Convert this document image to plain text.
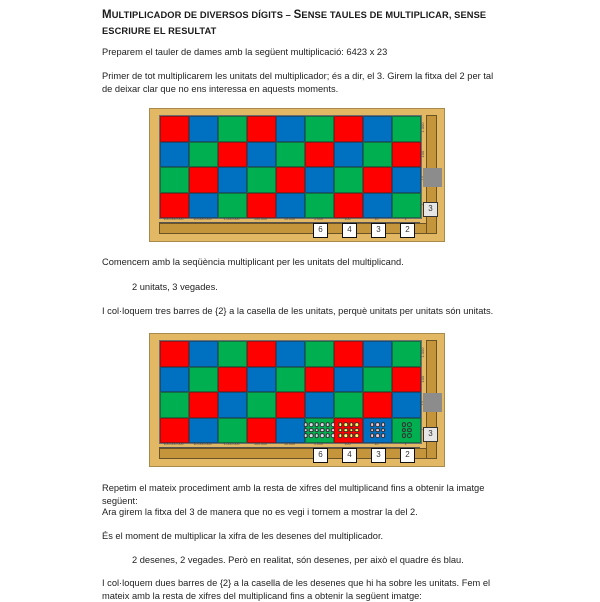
MULTIPLICADOR DE DIVERSOS DÍGITS – SENSE TAULES DE MULTIPLICAR, SENSE ESCRIURE EL RESULTAT
Preparem el tauler de dames amb la següent multiplicació: 6423 x 23
Primer de tot multiplicarem les unitats del multiplicador; és a dir, el 3. Girem la fitxa del 2 per tal de deixar clar que no ens interessa en aquests moments.
100.000.000	10.000.000	1.000.000	100.000	10.000	1.000	100	10	1
1.000
100
6	4	3	2
3
Comencem amb la seqüència multiplicant per les unitats del multiplicand.
2 unitats, 3 vegades.
I col·loquem tres barres de {2} a la casella de les unitats, perquè unitats per unitats són unitats.
100.000.000	10.000.000	1.000.000	100.000	10.000	1.000	100	10	1
1.000
100
6	4	3	2
3
Repetim el mateix procediment amb la resta de xifres del multiplicand fins a obtenir la imatge següent:
Ara girem la fitxa del 3 de manera que no es vegi i tornem a mostrar la del 2.
És el moment de multiplicar la xifra de les desenes del multiplicador.
2 desenes, 2 vegades. Però en realitat, són desenes, per això el quadre és blau.
I col·loquem dues barres de {2} a la casella de les desenes que hi ha sobre les unitats. Fem el mateix amb la resta de xifres del multiplicand fins a obtenir la següent imatge:
